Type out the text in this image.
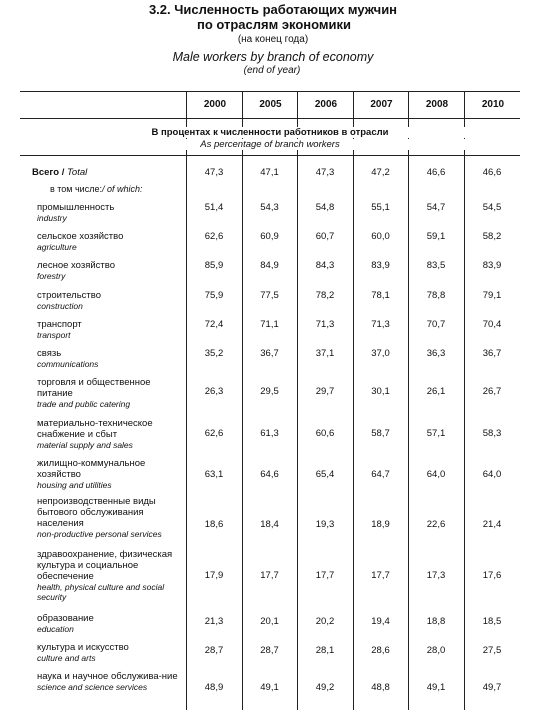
3.2. Численность работающих мужчин
по отраслям экономики
(на конец года)
Male workers by branch of economy
(end of year)
2000	2005	2006	2007	2008	2010
В процентах к численности работников в отрасли
As percentage of branch workers
Всего / Total	47,3	47,1	47,3	47,2	46,6	46,6
в том числе:/ of which:
промышленность
industry
51,4	54,3	54,8	55,1	54,7	54,5
сельское хозяйство
agriculture
62,6	60,9	60,7	60,0	59,1	58,2
лесное хозяйство
forestry
85,9	84,9	84,3	83,9	83,5	83,9
строительство
construction
75,9	77,5	78,2	78,1	78,8	79,1
транспорт
transport
72,4	71,1	71,3	71,3	70,7	70,4
связь
communications
35,2	36,7	37,1	37,0	36,3	36,7
торговля и общественное питание
trade and public catering
26,3	29,5	29,7	30,1	26,1	26,7
материально-техническое снабжение и сбыт
material supply and sales
62,6	61,3	60,6	58,7	57,1	58,3
жилищно-коммунальное хозяйство
housing and utilities
63,1	64,6	65,4	64,7	64,0	64,0
непроизводственные виды бытового обслуживания населения
non-productive personal services
18,6	18,4	19,3	18,9	22,6	21,4
здравоохранение, физическая культура и социальное обеспечение
health, physical culture and social security
17,9	17,7	17,7	17,7	17,3	17,6
образование
education
21,3	20,1	20,2	19,4	18,8	18,5
культура и искусство
culture and arts
28,7	28,7	28,1	28,6	28,0	27,5
наука и научное обслужива-ние
science and science services	48,9	49,1	49,2	48,8	49,1	49,7
